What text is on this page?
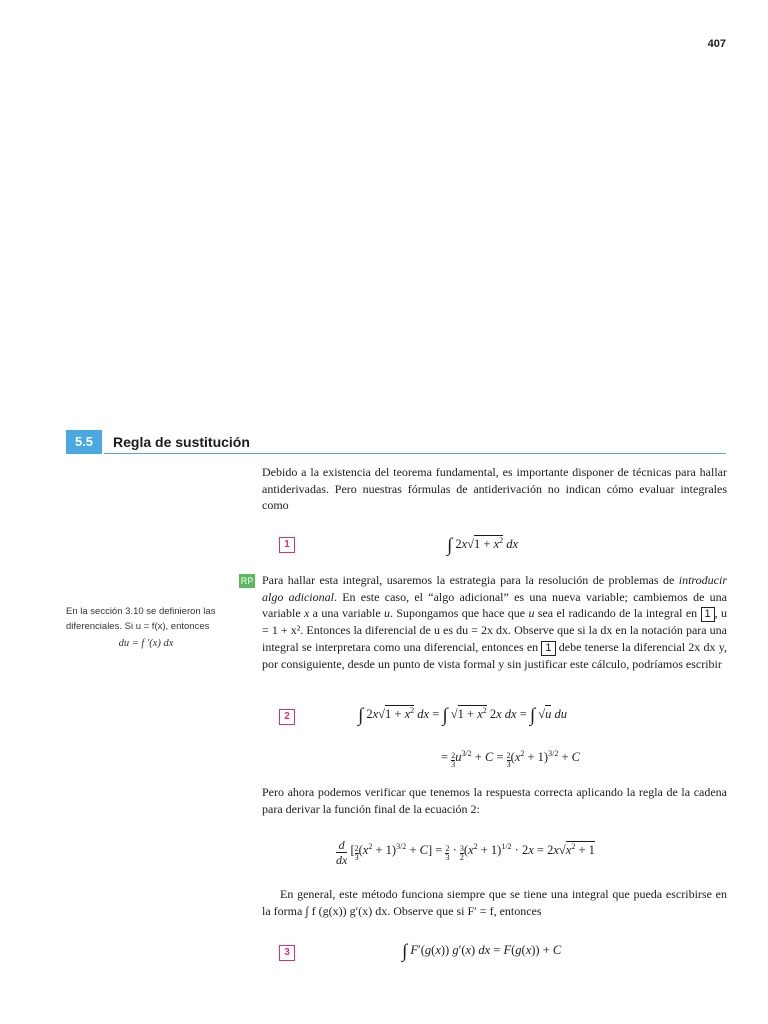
407
5.5	Regla de sustitución

Debido a la existencia del teorema fundamental, es importante disponer de técnicas para hallar antiderivadas. Pero nuestras fórmulas de antiderivación no indican cómo evaluar integrales como

1	∫ $2x√1 + x^2$ dx
RP Para hallar esta integral, usaremos la estrategia para la resolución de problemas de introducir algo adicional. En este caso, el “algo adicional” es una nueva variable; cambiemos de una variable x a una variable u. Supongamos que hace que u sea el radicando de la integral en 1 , u = 1 + x². Entonces la diferencial de u es du = 2x dx. Observe que si la dx en la notación para una integral se interpretara como una diferencial, entonces en 1 debe tenerse la diferencial 2x dx y, por consiguiente, desde un punto de vista formal y sin justificar este cálculo, podríamos escribir

En la sección 3.10 se definieron las diferenciales. Si u = f(x), entonces
du = f ′(x) dx
2	∫ $2x√1 + x^2$ dx = ∫ $√1 + x^2$ 2x dx = ∫ √u du
= $\frac{2}{3} u^{3/2} + C = \frac{2}{3} (x^2 + 1)^{3/2} + C$

Pero ahora podemos verificar que tenemos la respuesta correcta aplicando la regla de la cadena para derivar la función final de la ecuación 2:

$\frac{d}{dx}$ [ $\frac{2}{3} (x^2 + 1)^{3/2} + C] = \frac{2}{3} \cdot \frac{3}{2} (x^2 + 1)^{1/2} \cdot 2x = 2x√x^2 + 1$

En general, este método funciona siempre que se tiene una integral que pueda escribirse en la forma ∫ f (g(x)) g′(x) dx. Observe que si F′ = f, entonces

3	∫ F′(g(x)) g′(x) dx = F(g(x)) + C
